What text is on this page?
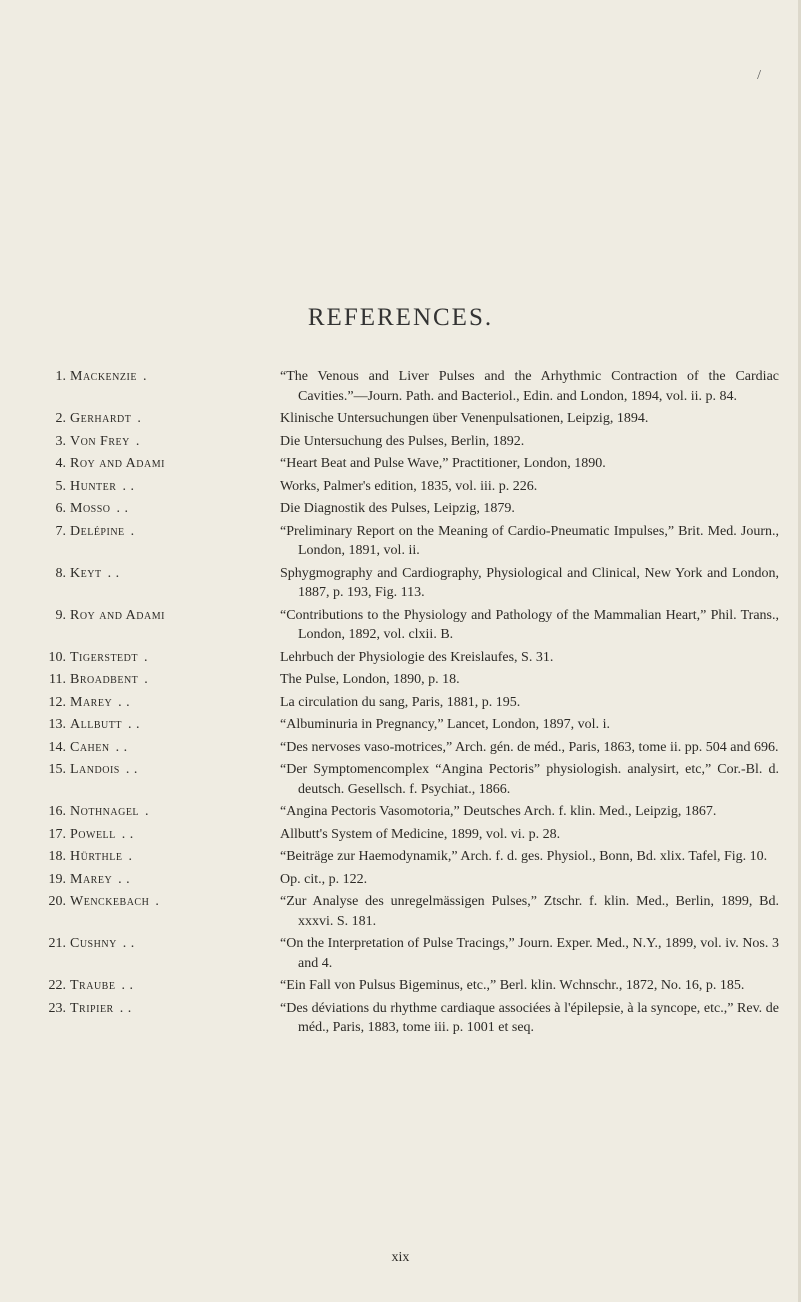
/
REFERENCES.
1. Mackenzie .	“The Venous and Liver Pulses and the Arhythmic Contraction of the Cardiac Cavities.”—Journ. Path. and Bacteriol., Edin. and London, 1894, vol. ii. p. 84.
2. Gerhardt .	Klinische Untersuchungen über Venenpulsationen, Leipzig, 1894.
3. Von Frey .	Die Untersuchung des Pulses, Berlin, 1892.
4. Roy and Adami	“Heart Beat and Pulse Wave,” Practitioner, London, 1890.
5. Hunter . .	Works, Palmer's edition, 1835, vol. iii. p. 226.
6. Mosso . .	Die Diagnostik des Pulses, Leipzig, 1879.
7. Delépine .	“Preliminary Report on the Meaning of Cardio-Pneumatic Impulses,” Brit. Med. Journ., London, 1891, vol. ii.
8. Keyt . .	Sphygmography and Cardiography, Physiological and Clinical, New York and London, 1887, p. 193, Fig. 113.
9. Roy and Adami	“Contributions to the Physiology and Pathology of the Mammalian Heart,” Phil. Trans., London, 1892, vol. clxii. B.
10. Tigerstedt .	Lehrbuch der Physiologie des Kreislaufes, S. 31.
11. Broadbent .	The Pulse, London, 1890, p. 18.
12. Marey . .	La circulation du sang, Paris, 1881, p. 195.
13. Allbutt . .	“Albuminuria in Pregnancy,” Lancet, London, 1897, vol. i.
14. Cahen . .	“Des nervoses vaso-motrices,” Arch. gén. de méd., Paris, 1863, tome ii. pp. 504 and 696.
15. Landois . .	“Der Symptomencomplex “Angina Pectoris” physiologish. analysirt, etc,” Cor.-Bl. d. deutsch. Gesellsch. f. Psychiat., 1866.
16. Nothnagel .	“Angina Pectoris Vasomotoria,” Deutsches Arch. f. klin. Med., Leipzig, 1867.
17. Powell . .	Allbutt's System of Medicine, 1899, vol. vi. p. 28.
18. Hürthle .	“Beiträge zur Haemodynamik,” Arch. f. d. ges. Physiol., Bonn, Bd. xlix. Tafel, Fig. 10.
19. Marey . .	Op. cit., p. 122.
20. Wenckebach .	“Zur Analyse des unregelmässigen Pulses,” Ztschr. f. klin. Med., Berlin, 1899, Bd. xxxvi. S. 181.
21. Cushny . .	“On the Interpretation of Pulse Tracings,” Journ. Exper. Med., N.Y., 1899, vol. iv. Nos. 3 and 4.
22. Traube . .	“Ein Fall von Pulsus Bigeminus, etc.,” Berl. klin. Wchnschr., 1872, No. 16, p. 185.
23. Tripier . .	“Des déviations du rhythme cardiaque associées à l'épilepsie, à la syncope, etc.,” Rev. de méd., Paris, 1883, tome iii. p. 1001 et seq.
xix
